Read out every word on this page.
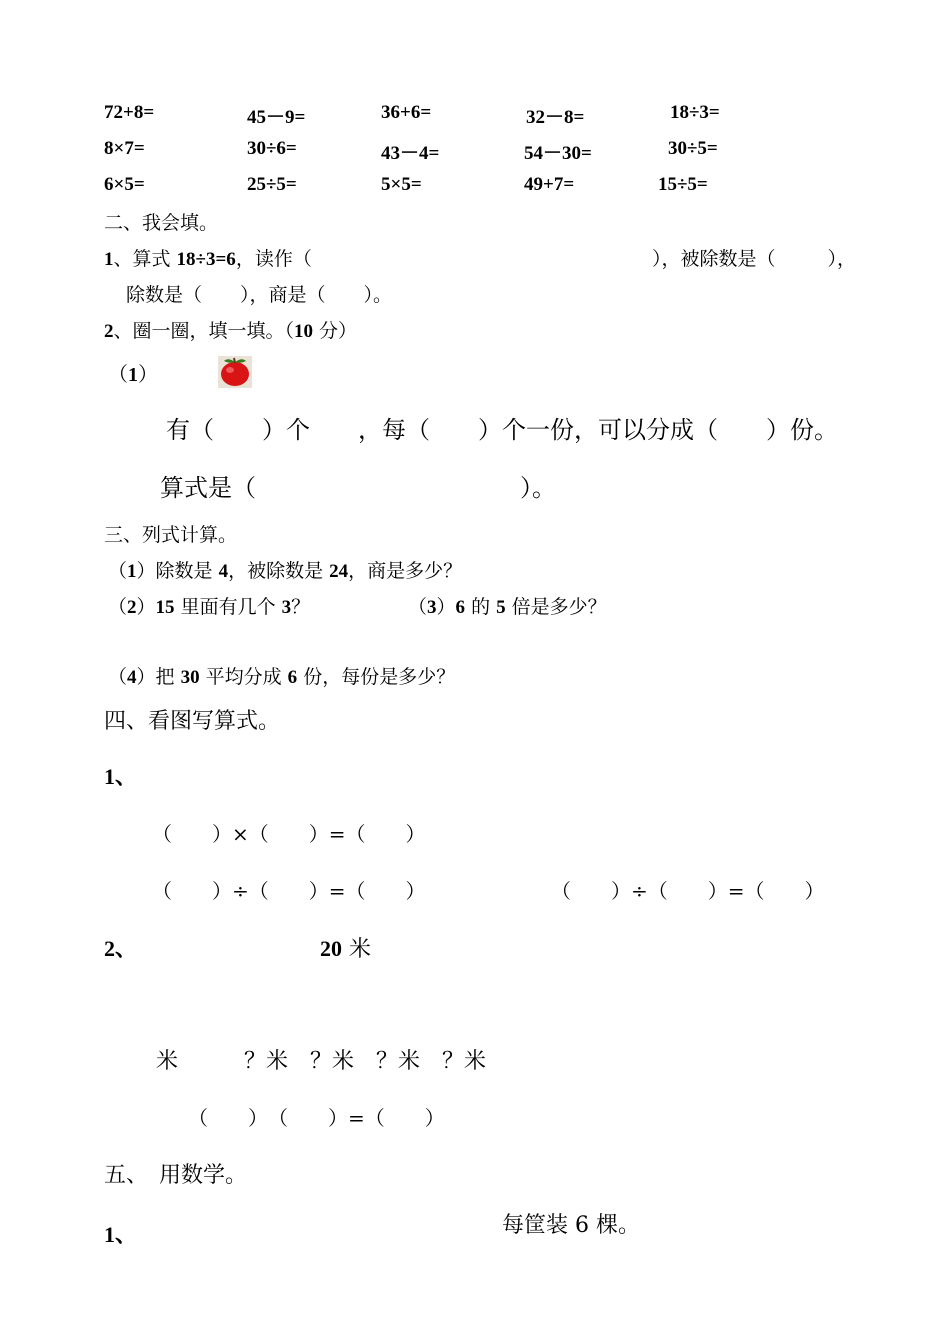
72+8=	45－9=	36+6=	32－8=	18÷3=
8×7=	30÷6=	43－4=	54－30=	30÷5=
6×5=	25÷5=	5×5=	49+7=	15÷5=
二、我会填。
1、算式 18÷3=6，读作（	），被除数是（	），
除数是（　　），商是（　　）。
2、圈一圈，填一填。（10 分）
（1）
有（　　）个　　，每（　　）个一份，可以分成（　　）份。
算式是（　　　　　　　　　　　）。
三、列式计算。
（1）除数是 4，被除数是 24，商是多少？
（2）15 里面有几个 3？	（3）6 的 5 倍是多少？
（4）把 30 平均分成 6 份，每份是多少？
四、看图写算式。
1、
（　　）×（　　）=（　　）
（　　）÷（　　）=（　　）	（　　）÷（　　）=（　　）
2、	20 米
米　　　？米　？米　？米　？米
（　　）　（　　）=（　　）
五、　用数学。
1、	每筐装 6 棵。
